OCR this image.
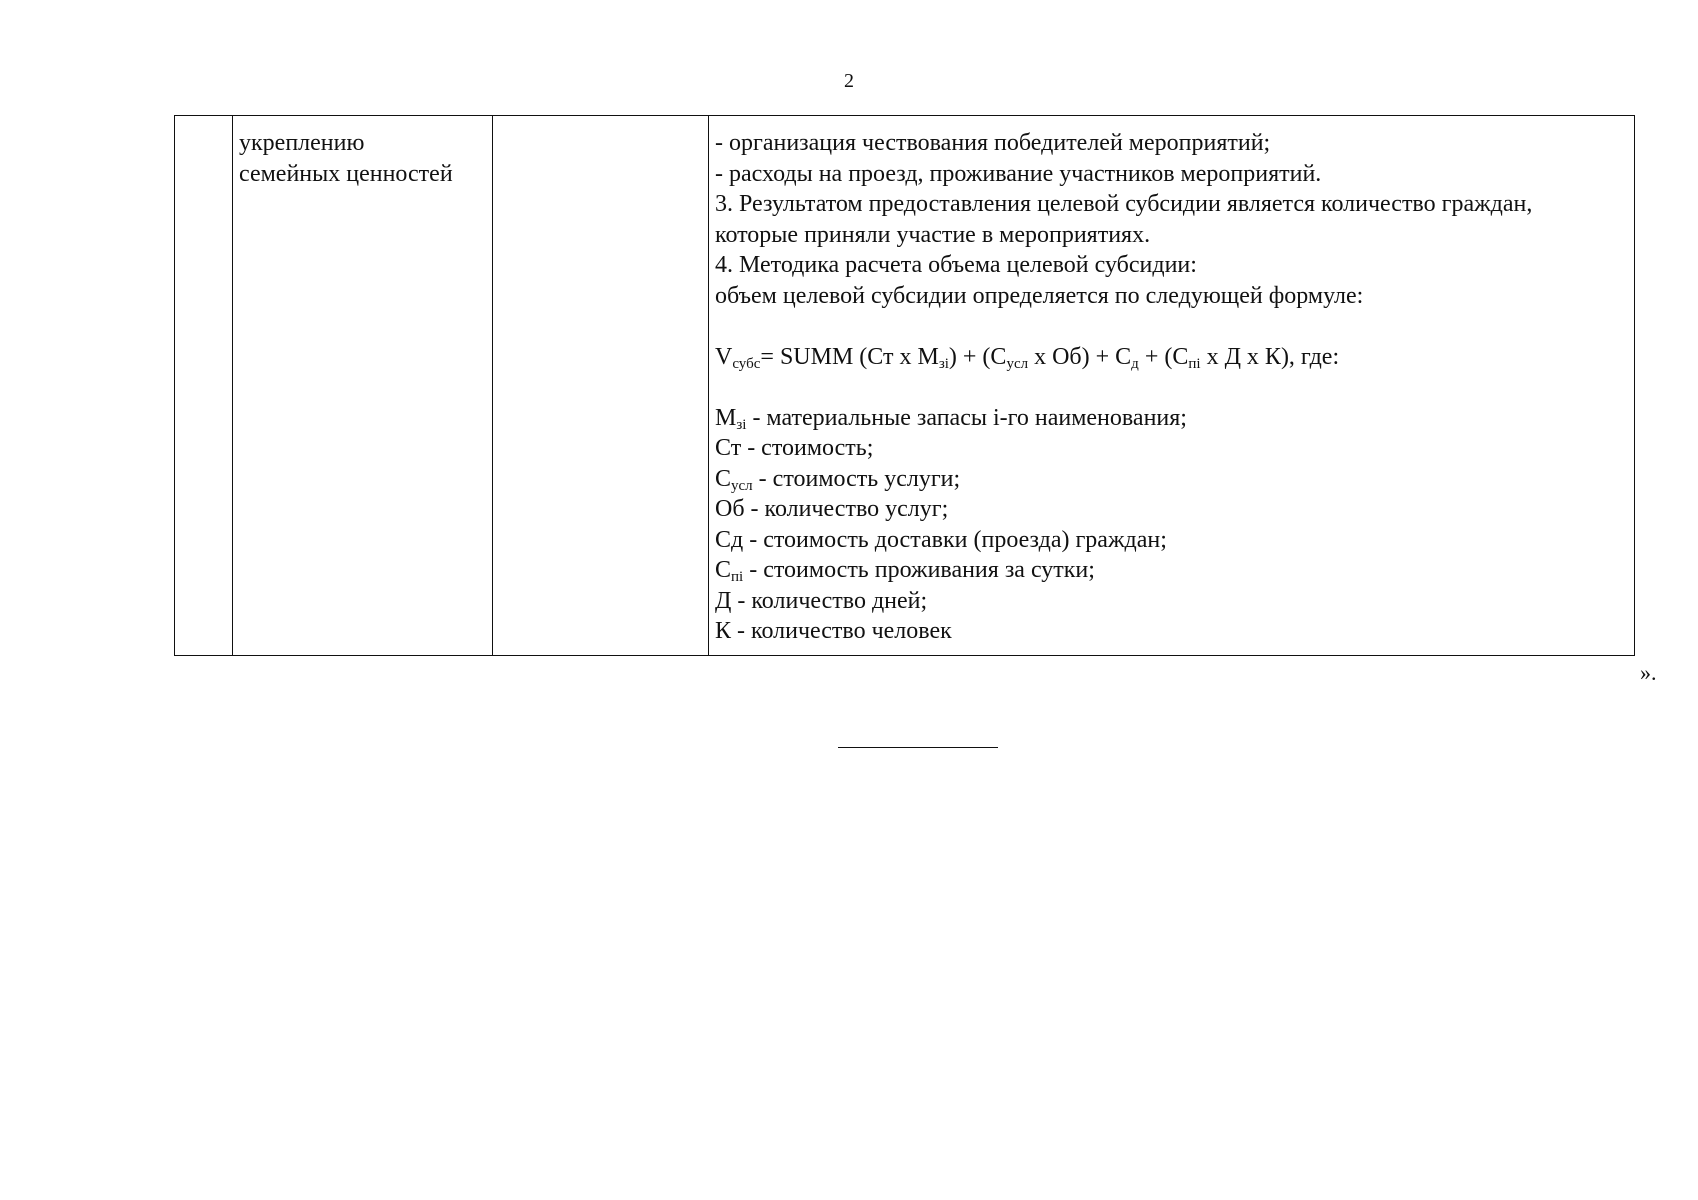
2

укреплению
семейных ценностей

- организация чествования победителей мероприятий;
- расходы на проезд, проживание участников мероприятий.
3. Результатом предоставления целевой субсидии является количество граждан,
которые приняли участие в мероприятиях.
4. Методика расчета объема целевой субсидии:
объем целевой субсидии определяется по следующей формуле:
$V_{субс}=$ SUMM (Ст х $М_{зi}) + (С_{усл}$ х $Об) + С_д + (С_{пi}$ х Д х К), где:
$М_{зi}$ - материальные запасы i-го наименования;
Ст - стоимость;
$С_{усл}$ - стоимость услуги;
Об - количество услуг;
Сд - стоимость доставки (проезда) граждан;
$С_{пi}$ - стоимость проживания за сутки;
Д - количество дней;
К - количество человек
».
